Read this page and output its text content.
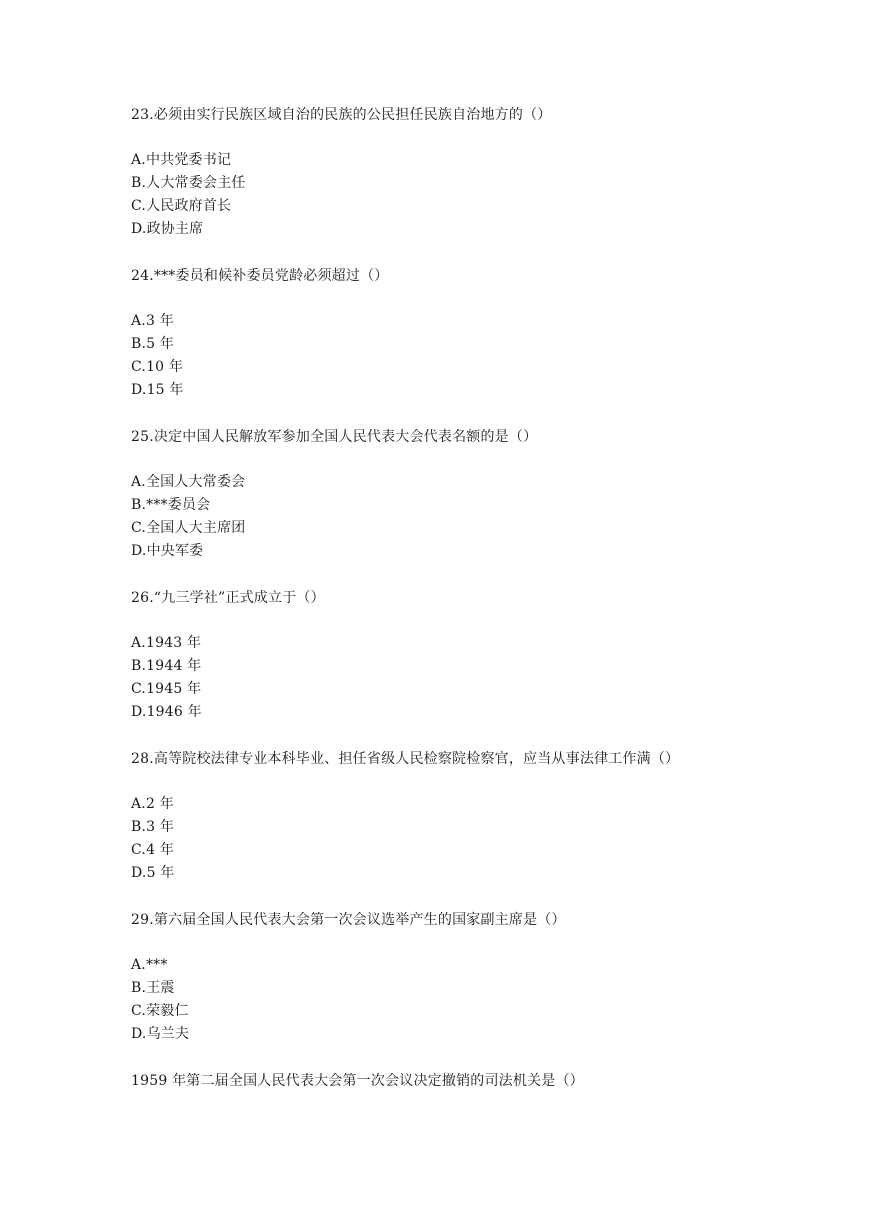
23.必须由实行民族区域自治的民族的公民担任民族自治地方的（）

A.中共党委书记

B.人大常委会主任

C.人民政府首长

D.政协主席

24.***委员和候补委员党龄必须超过（）

A.3 年

B.5 年

C.10 年

D.15 年

25.决定中国人民解放军参加全国人民代表大会代表名额的是（）

A.全国人大常委会

B.***委员会

C.全国人大主席团

D.中央军委

26.“九三学社”正式成立于（）

A.1943 年

B.1944 年

C.1945 年

D.1946 年

28.高等院校法律专业本科毕业、担任省级人民检察院检察官，应当从事法律工作满（）

A.2 年

B.3 年

C.4 年

D.5 年

29.第六届全国人民代表大会第一次会议选举产生的国家副主席是（）

A.***

B.王震

C.荣毅仁

D.乌兰夫

1959 年第二届全国人民代表大会第一次会议决定撤销的司法机关是（）
